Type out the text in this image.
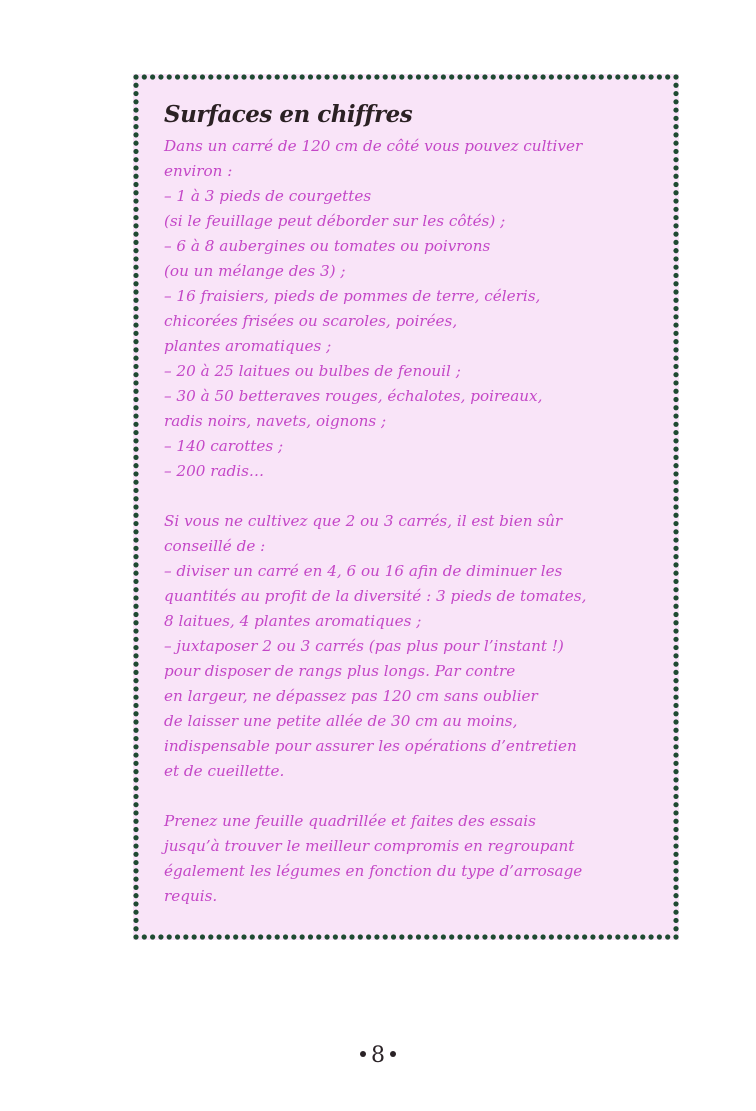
Surfaces en chiffres

Dans un carré de 120 cm de côté vous pouvez cultiver
environ :
– 1 à 3 pieds de courgettes
(si le feuillage peut déborder sur les côtés) ;
– 6 à 8 aubergines ou tomates ou poivrons
(ou un mélange des 3) ;
– 16 fraisiers, pieds de pommes de terre, céleris,
chicorées frisées ou scaroles, poirées,
plantes aromatiques ;
– 20 à 25 laitues ou bulbes de fenouil ;
– 30 à 50 betteraves rouges, échalotes, poireaux,
radis noirs, navets, oignons ;
– 140 carottes ;
– 200 radis…

Si vous ne cultivez que 2 ou 3 carrés, il est bien sûr
conseillé de :
– diviser un carré en 4, 6 ou 16 afin de diminuer les
quantités au profit de la diversité : 3 pieds de tomates,
8 laitues, 4 plantes aromatiques ;
– juxtaposer 2 ou 3 carrés (pas plus pour l’instant !)
pour disposer de rangs plus longs. Par contre
en largeur, ne dépassez pas 120 cm sans oublier
de laisser une petite allée de 30 cm au moins,
indispensable pour assurer les opérations d’entretien
et de cueillette.

Prenez une feuille quadrillée et faites des essais
jusqu’à trouver le meilleur compromis en regroupant
également les légumes en fonction du type d’arrosage
requis.

8
